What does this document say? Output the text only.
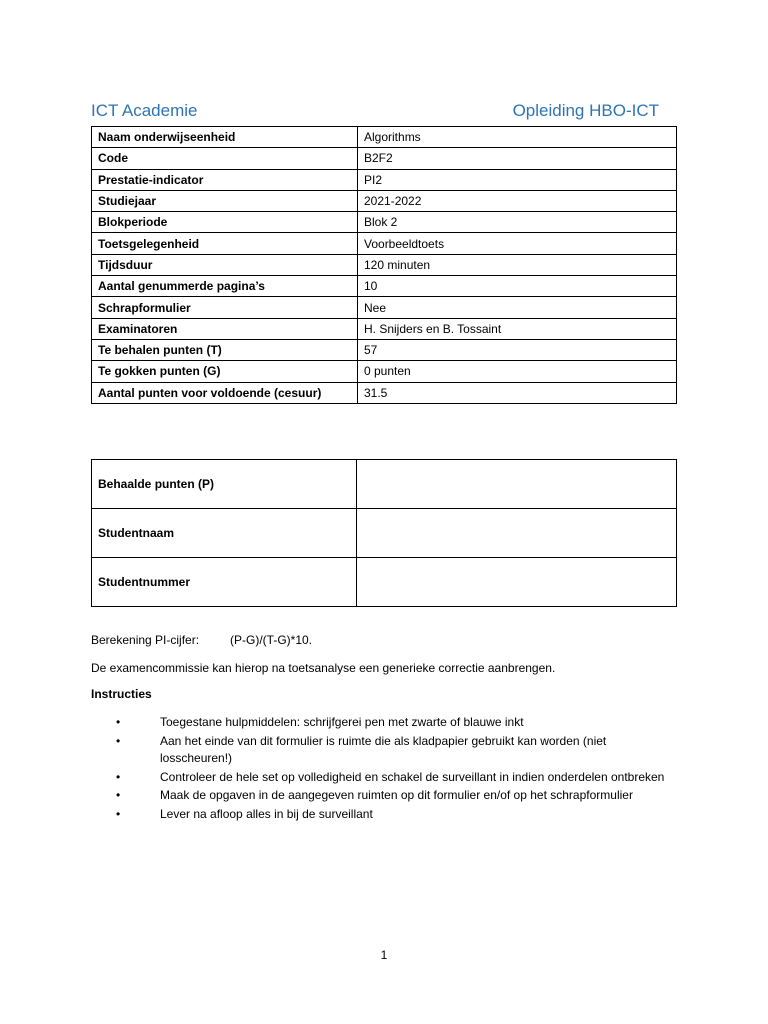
ICT Academie	Opleiding HBO-ICT
Naam onderwijseenheid	Algorithms
Code	B2F2
Prestatie-indicator	PI2
Studiejaar	2021-2022
Blokperiode	Blok 2
Toetsgelegenheid	Voorbeeldtoets
Tijdsduur	120 minuten
Aantal genummerde pagina’s	10
Schrapformulier	Nee
Examinatoren	H. Snijders en B. Tossaint
Te behalen punten (T)	57
Te gokken punten (G)	0 punten
Aantal punten voor voldoende (cesuur)	31.5
Behaalde punten (P)	
Studentnaam	
Studentnummer	
Berekening PI-cijfer:	(P-G)/(T-G)*10.
De examencommissie kan hierop na toetsanalyse een generieke correctie aanbrengen.
Instructies
•	Toegestane hulpmiddelen: schrijfgerei pen met zwarte of blauwe inkt
•	Aan het einde van dit formulier is ruimte die als kladpapier gebruikt kan worden (niet losscheuren!)
•	Controleer de hele set op volledigheid en schakel de surveillant in indien onderdelen ontbreken
•	Maak de opgaven in de aangegeven ruimten op dit formulier en/of op het schrapformulier
•	Lever na afloop alles in bij de surveillant
1
